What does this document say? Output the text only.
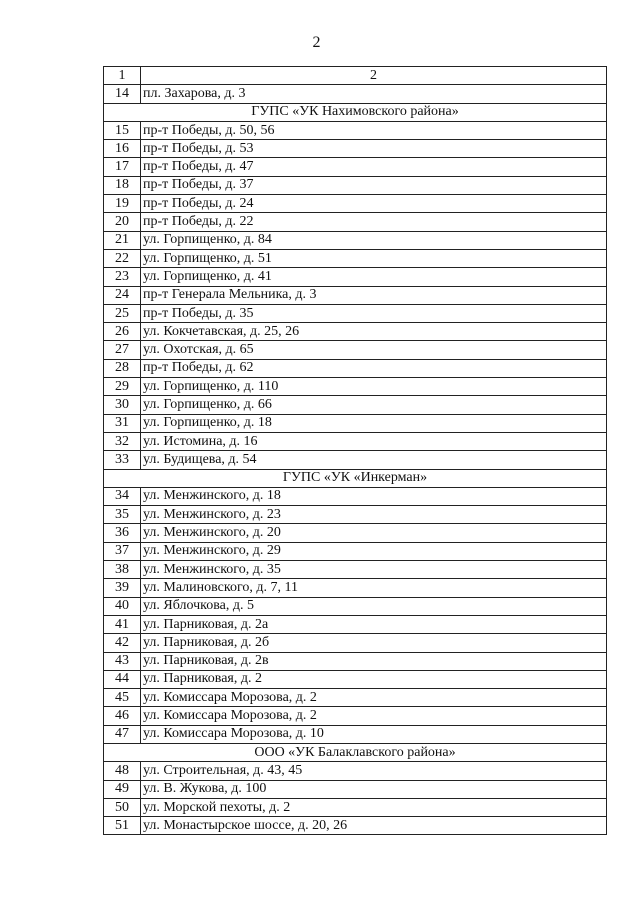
2
1	2
14	пл. Захарова, д. 3
ГУПС «УК Нахимовского района»	
15	пр-т Победы, д. 50, 56
16	пр-т Победы, д. 53
17	пр-т Победы, д. 47
18	пр-т Победы, д. 37
19	пр-т Победы, д. 24
20	пр-т Победы, д. 22
21	ул. Горпищенко, д. 84
22	ул. Горпищенко, д. 51
23	ул. Горпищенко, д. 41
24	пр-т Генерала Мельника, д. 3
25	пр-т Победы, д. 35
26	ул. Кокчетавская, д. 25, 26
27	ул. Охотская, д. 65
28	пр-т Победы, д. 62
29	ул. Горпищенко, д. 110
30	ул. Горпищенко, д. 66
31	ул. Горпищенко, д. 18
32	ул. Истомина, д. 16
33	ул. Будищева, д. 54
ГУПС «УК «Инкерман»	
34	ул. Менжинского, д. 18
35	ул. Менжинского, д. 23
36	ул. Менжинского, д. 20
37	ул. Менжинского, д. 29
38	ул. Менжинского, д. 35
39	ул. Малиновского, д. 7, 11
40	ул. Яблочкова, д. 5
41	ул. Парниковая, д. 2а
42	ул. Парниковая, д. 2б
43	ул. Парниковая, д. 2в
44	ул. Парниковая, д. 2
45	ул. Комиссара Морозова, д. 2
46	ул. Комиссара Морозова, д. 2
47	ул. Комиссара Морозова, д. 10
ООО «УК Балаклавского района»	
48	ул. Строительная, д. 43, 45
49	ул. В. Жукова, д. 100
50	ул. Морской пехоты, д. 2
51	ул. Монастырское шоссе, д. 20, 26
